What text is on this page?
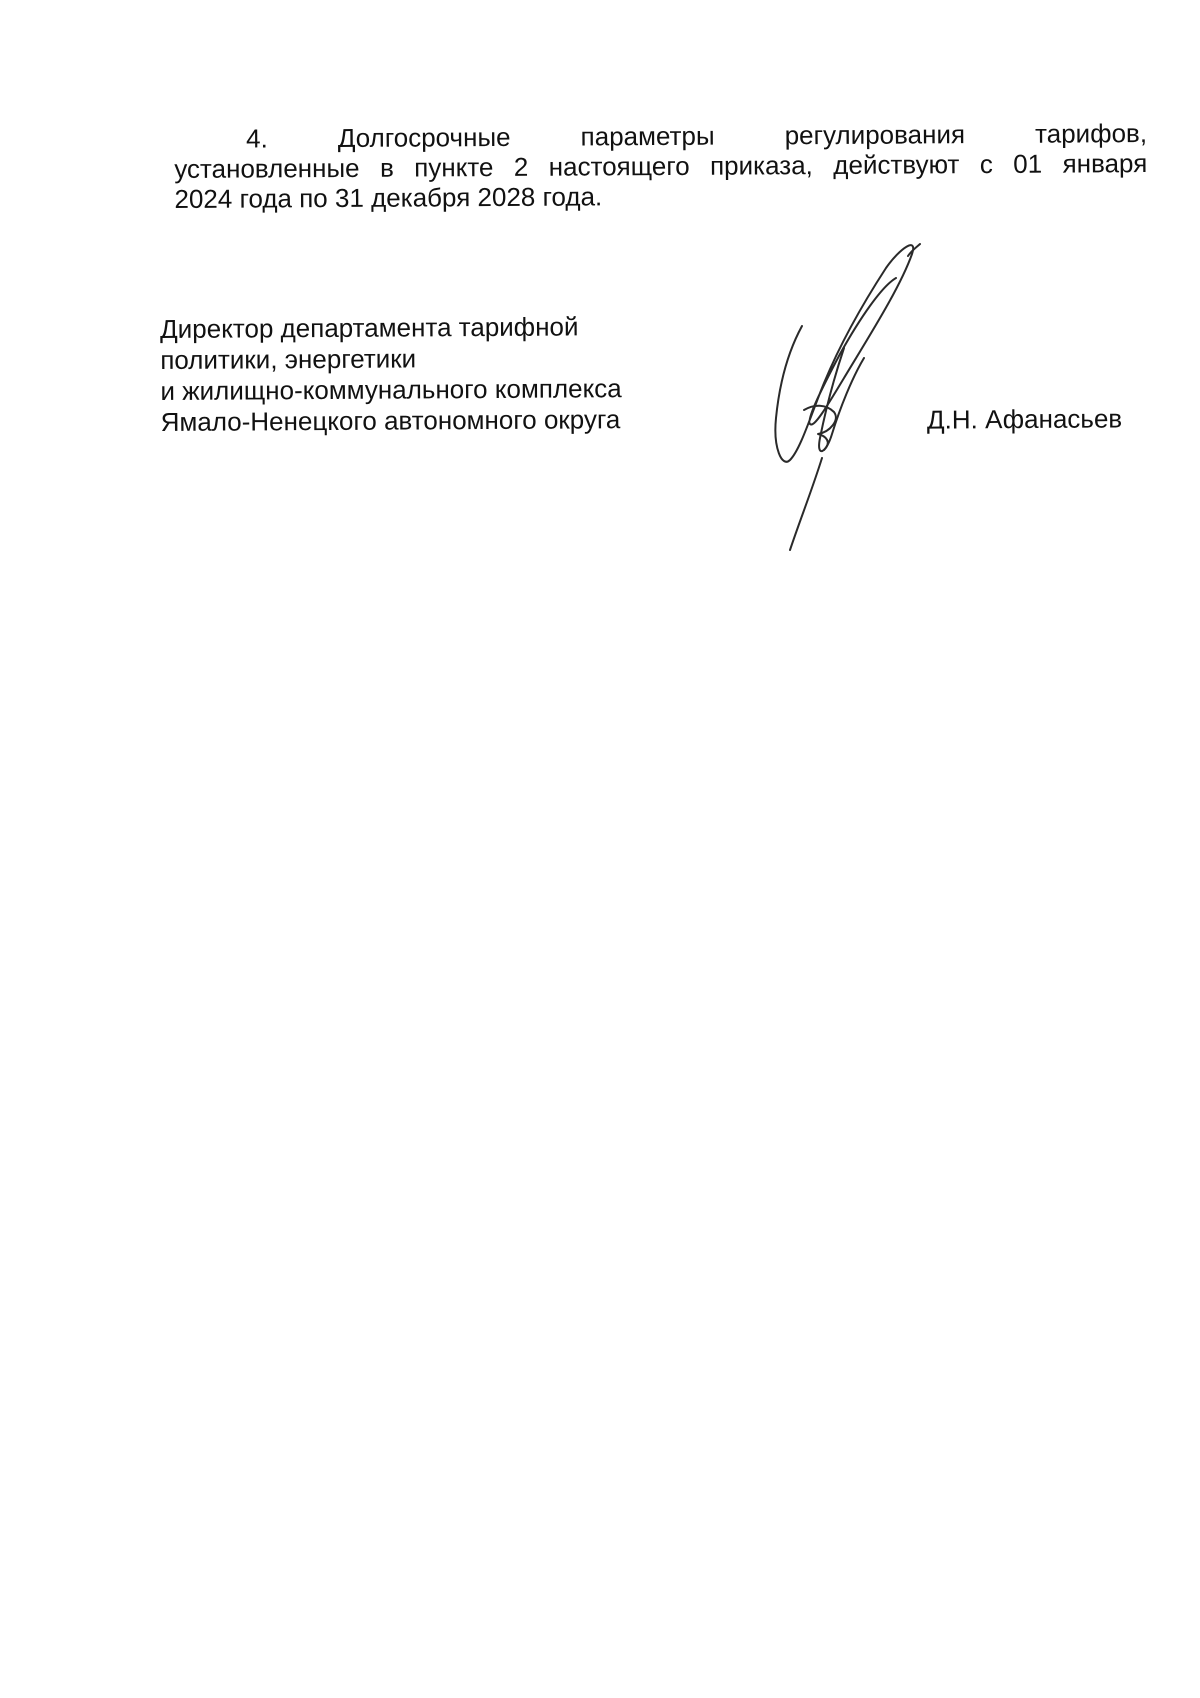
4.	Долгосрочные	параметры	регулирования	тарифов,
установленные в пункте 2 настоящего приказа, действуют с 01 января
2024 года по 31 декабря 2028 года.
Директор департамента тарифной
политики, энергетики
и жилищно-коммунального комплекса
Ямало-Ненецкого автономного округа	Д.Н. Афанасьев
